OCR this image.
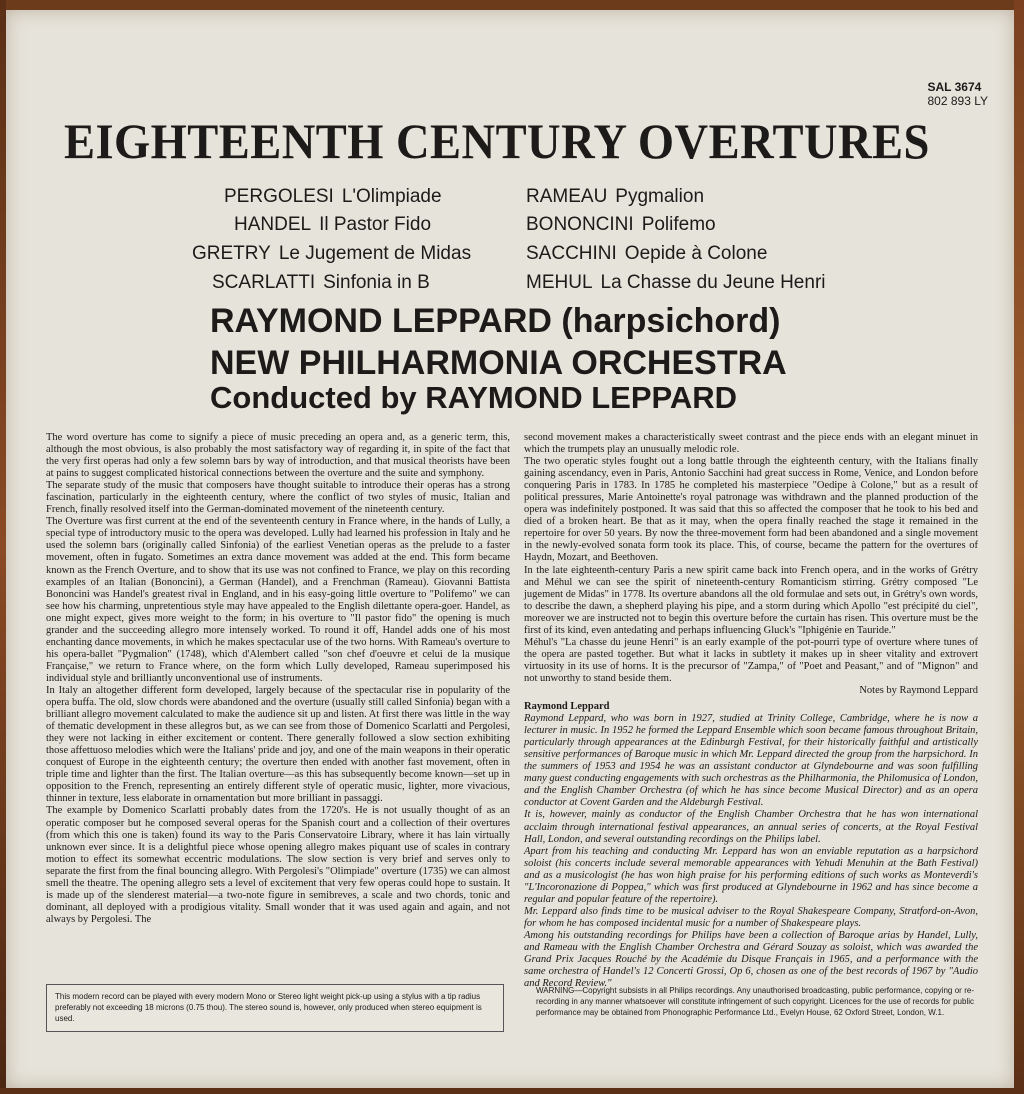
SAL 3674
802 893 LY
EIGHTEENTH CENTURY OVERTURES
PERGOLESI L'Olimpiade
HANDEL Il Pastor Fido
GRETRY Le Jugement de Midas
SCARLATTI Sinfonia in B
RAMEAU Pygmalion
BONONCINI Polifemo
SACCHINI Oepide à Colone
MEHUL La Chasse du Jeune Henri
RAYMOND LEPPARD (harpsichord)
NEW PHILHARMONIA ORCHESTRA
Conducted by RAYMOND LEPPARD

The word overture has come to signify a piece of music preceding an opera and, as a generic term, this, although the most obvious, is also probably the most satisfactory way of regarding it, in spite of the fact that the very first operas had only a few solemn bars by way of introduction, and that musical theorists have been at pains to suggest complicated historical connections between the overture and the suite and symphony.

The separate study of the music that composers have thought suitable to introduce their operas has a strong fascination, particularly in the eighteenth century, where the conflict of two styles of music, Italian and French, finally resolved itself into the German-dominated movement of the nineteenth century.

The Overture was first current at the end of the seventeenth century in France where, in the hands of Lully, a special type of introductory music to the opera was developed. Lully had learned his profession in Italy and he used the solemn bars (originally called Sinfonia) of the earliest Venetian operas as the prelude to a faster movement, often in fugato. Sometimes an extra dance movement was added at the end. This form became known as the French Overture, and to show that its use was not confined to France, we play on this recording examples of an Italian (Bononcini), a German (Handel), and a Frenchman (Rameau). Giovanni Battista Bononcini was Handel's greatest rival in England, and in his easy-going little overture to "Polifemo" we can see how his charming, unpretentious style may have appealed to the English dilettante opera-goer. Handel, as one might expect, gives more weight to the form; in his overture to "Il pastor fido" the opening is much grander and the succeeding allegro more intensely worked. To round it off, Handel adds one of his most enchanting dance movements, in which he makes spectacular use of the two horns. With Rameau's overture to his opera-ballet "Pygmalion" (1748), which d'Alembert called "son chef d'oeuvre et celui de la musique Française," we return to France where, on the form which Lully developed, Rameau superimposed his individual style and brilliantly unconventional use of instruments.

In Italy an altogether different form developed, largely because of the spectacular rise in popularity of the opera buffa. The old, slow chords were abandoned and the overture (usually still called Sinfonia) began with a brilliant allegro movement calculated to make the audience sit up and listen. At first there was little in the way of thematic development in these allegros but, as we can see from those of Domenico Scarlatti and Pergolesi, they were not lacking in either excitement or content. There generally followed a slow section exhibiting those affettuoso melodies which were the Italians' pride and joy, and one of the main weapons in their operatic conquest of Europe in the eighteenth century; the overture then ended with another fast movement, often in triple time and lighter than the first. The Italian overture—as this has subsequently become known—set up in opposition to the French, representing an entirely different style of operatic music, lighter, more vivacious, thinner in texture, less elaborate in ornamentation but more brilliant in passaggi.

The example by Domenico Scarlatti probably dates from the 1720's. He is not usually thought of as an operatic composer but he composed several operas for the Spanish court and a collection of their overtures (from which this one is taken) found its way to the Paris Conservatoire Library, where it has lain virtually unknown ever since. It is a delightful piece whose opening allegro makes piquant use of scales in contrary motion to effect its somewhat eccentric modulations. The slow section is very brief and serves only to separate the first from the final bouncing allegro. With Pergolesi's "Olimpiade" overture (1735) we can almost smell the theatre. The opening allegro sets a level of excitement that very few operas could hope to sustain. It is made up of the slenderest material—a two-note figure in semibreves, a scale and two chords, tonic and dominant, all deployed with a prodigious vitality. Small wonder that it was used again and again, and not always by Pergolesi. The

second movement makes a characteristically sweet contrast and the piece ends with an elegant minuet in which the trumpets play an unusually melodic role.

The two operatic styles fought out a long battle through the eighteenth century, with the Italians finally gaining ascendancy, even in Paris, Antonio Sacchini had great success in Rome, Venice, and London before conquering Paris in 1783. In 1785 he completed his masterpiece "Oedipe à Colone," but as a result of political pressures, Marie Antoinette's royal patronage was withdrawn and the planned production of the opera was indefinitely postponed. It was said that this so affected the composer that he took to his bed and died of a broken heart. Be that as it may, when the opera finally reached the stage it remained in the repertoire for over 50 years. By now the three-movement form had been abandoned and a single movement in the newly-evolved sonata form took its place. This, of course, became the pattern for the overtures of Haydn, Mozart, and Beethoven.

In the late eighteenth-century Paris a new spirit came back into French opera, and in the works of Grétry and Méhul we can see the spirit of nineteenth-century Romanticism stirring. Grétry composed "Le jugement de Midas" in 1778. Its overture abandons all the old formulae and sets out, in Grétry's own words, to describe the dawn, a shepherd playing his pipe, and a storm during which Apollo "est précipité du ciel", moreover we are instructed not to begin this overture before the curtain has risen. This overture must be the first of its kind, even antedating and perhaps influencing Gluck's "Iphigénie en Tauride."

Méhul's "La chasse du jeune Henri" is an early example of the pot-pourri type of overture where tunes of the opera are pasted together. But what it lacks in subtlety it makes up in sheer vitality and extrovert virtuosity in its use of horns. It is the precursor of "Zampa," of "Poet and Peasant," and of "Mignon" and not unworthy to stand beside them.

Notes by Raymond Leppard

Raymond Leppard

Raymond Leppard, who was born in 1927, studied at Trinity College, Cambridge, where he is now a lecturer in music. In 1952 he formed the Leppard Ensemble which soon became famous throughout Britain, particularly through appearances at the Edinburgh Festival, for their historically faithful and artistically sensitive performances of Baroque music in which Mr. Leppard directed the group from the harpsichord. In the summers of 1953 and 1954 he was an assistant conductor at Glyndebourne and was soon fulfilling many guest conducting engagements with such orchestras as the Philharmonia, the Philomusica of London, and the English Chamber Orchestra (of which he has since become Musical Director) and as an opera conductor at Covent Garden and the Aldeburgh Festival.

It is, however, mainly as conductor of the English Chamber Orchestra that he has won international acclaim through international festival appearances, an annual series of concerts, at the Royal Festival Hall, London, and several outstanding recordings on the Philips label.

Apart from his teaching and conducting Mr. Leppard has won an enviable reputation as a harpsichord soloist (his concerts include several memorable appearances with Yehudi Menuhin at the Bath Festival) and as a musicologist (he has won high praise for his performing editions of such works as Monteverdi's "L'Incoronazione di Poppea," which was first produced at Glyndebourne in 1962 and has since become a regular and popular feature of the repertoire).

Mr. Leppard also finds time to be musical adviser to the Royal Shakespeare Company, Stratford-on-Avon, for whom he has composed incidental music for a number of Shakespeare plays.

Among his outstanding recordings for Philips have been a collection of Baroque arias by Handel, Lully, and Rameau with the English Chamber Orchestra and Gérard Souzay as soloist, which was awarded the Grand Prix Jacques Rouché by the Académie du Disque Français in 1965, and a performance with the same orchestra of Handel's 12 Concerti Grossi, Op 6, chosen as one of the best records of 1967 by "Audio and Record Review."

This modern record can be played with every modern Mono or Stereo light weight pick-up using a stylus with a tip radius preferably not exceeding 18 microns (0.75 thou). The stereo sound is, however, only produced when stereo equipment is used.
WARNING—Copyright subsists in all Philips recordings. Any unauthorised broadcasting, public performance, copying or re-recording in any manner whatsoever will constitute infringement of such copyright. Licences for the use of records for public performance may be obtained from Phonographic Performance Ltd., Evelyn House, 62 Oxford Street, London, W.1.
